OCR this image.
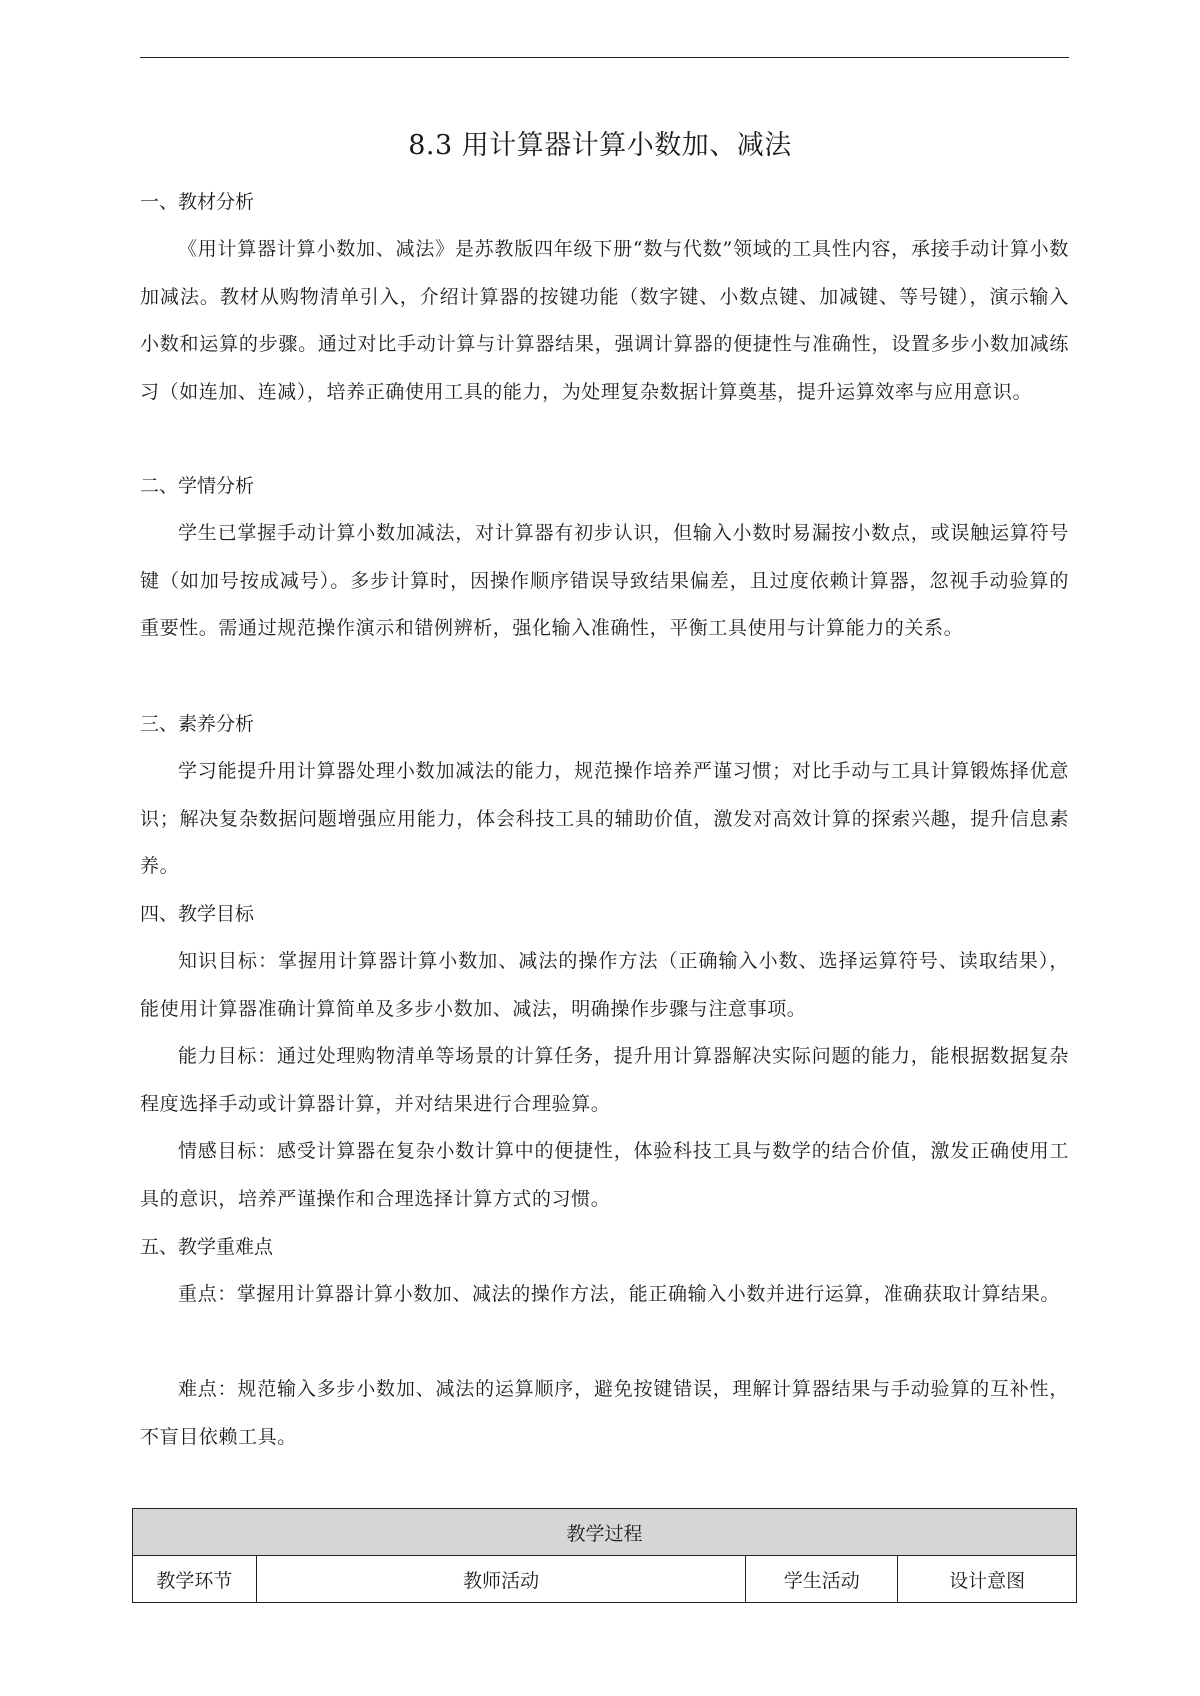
8.3 用计算器计算小数加、减法
一、教材分析

《用计算器计算小数加、减法》是苏教版四年级下册“数与代数”领域的工具性内容，承接手动计算小数加减法。教材从购物清单引入，介绍计算器的按键功能（数字键、小数点键、加减键、等号键），演示输入小数和运算的步骤。通过对比手动计算与计算器结果，强调计算器的便捷性与准确性，设置多步小数加减练习（如连加、连减），培养正确使用工具的能力，为处理复杂数据计算奠基，提升运算效率与应用意识。

二、学情分析

学生已掌握手动计算小数加减法，对计算器有初步认识，但输入小数时易漏按小数点，或误触运算符号键（如加号按成减号）。多步计算时，因操作顺序错误导致结果偏差，且过度依赖计算器，忽视手动验算的重要性。需通过规范操作演示和错例辨析，强化输入准确性，平衡工具使用与计算能力的关系。

三、素养分析

学习能提升用计算器处理小数加减法的能力，规范操作培养严谨习惯；对比手动与工具计算锻炼择优意识；解决复杂数据问题增强应用能力，体会科技工具的辅助价值，激发对高效计算的探索兴趣，提升信息素养。

四、教学目标

知识目标：掌握用计算器计算小数加、减法的操作方法（正确输入小数、选择运算符号、读取结果），能使用计算器准确计算简单及多步小数加、减法，明确操作步骤与注意事项。

能力目标：通过处理购物清单等场景的计算任务，提升用计算器解决实际问题的能力，能根据数据复杂程度选择手动或计算器计算，并对结果进行合理验算。

情感目标：感受计算器在复杂小数计算中的便捷性，体验科技工具与数学的结合价值，激发正确使用工具的意识，培养严谨操作和合理选择计算方式的习惯。

五、教学重难点

重点：掌握用计算器计算小数加、减法的操作方法，能正确输入小数并进行运算，准确获取计算结果。

难点：规范输入多步小数加、减法的运算顺序，避免按键错误，理解计算器结果与手动验算的互补性，不盲目依赖工具。

教学过程
教学环节	教师活动	学生活动	设计意图
